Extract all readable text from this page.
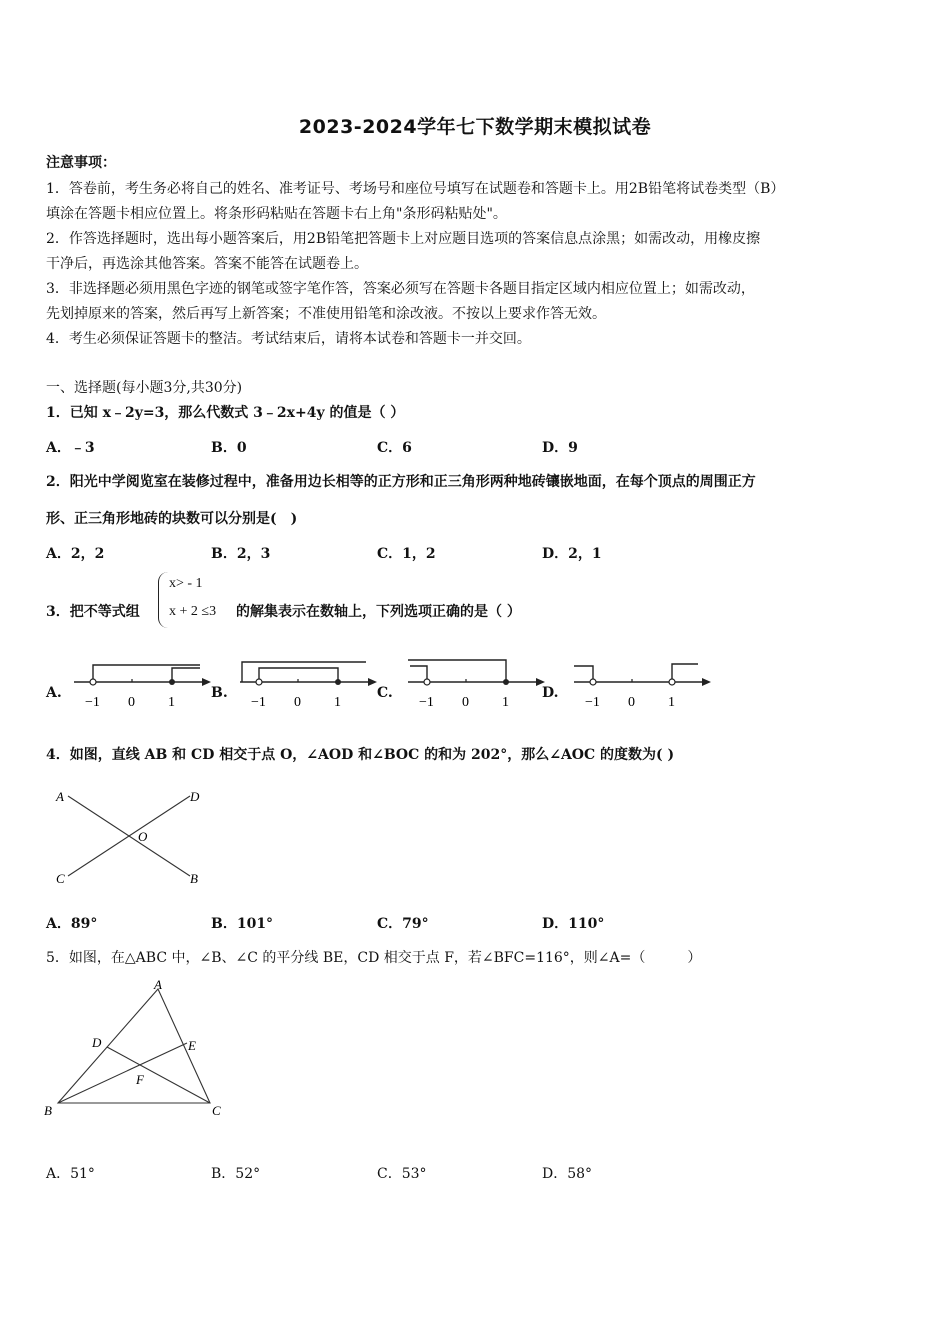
2023-2024学年七下数学期末模拟试卷
注意事项：
1．答卷前，考生务必将自己的姓名、准考证号、考场号和座位号填写在试题卷和答题卡上。用2B铅笔将试卷类型（B）
填涂在答题卡相应位置上。将条形码粘贴在答题卡右上角"条形码粘贴处"。
2．作答选择题时，选出每小题答案后，用2B铅笔把答题卡上对应题目选项的答案信息点涂黑；如需改动，用橡皮擦
干净后，再选涂其他答案。答案不能答在试题卷上。
3．非选择题必须用黑色字迹的钢笔或签字笔作答，答案必须写在答题卡各题目指定区域内相应位置上；如需改动，
先划掉原来的答案，然后再写上新答案；不准使用铅笔和涂改液。不按以上要求作答无效。
4．考生必须保证答题卡的整洁。考试结束后，请将本试卷和答题卡一并交回。
一、选择题(每小题3分,共30分)
1．已知 x﹣2y=3，那么代数式 3﹣2x+4y 的值是（ ）
A．﹣3	B．0	C．6	D．9
2．阳光中学阅览室在装修过程中，准备用边长相等的正方形和正三角形两种地砖镶嵌地面，在每个顶点的周围正方
形、正三角形地砖的块数可以分别是(　)
A．2，2	B．2，3	C．1，2	D．2，1
3．把不等式组
x> - 1
x + 2 ≤3 的解集表示在数轴上，下列选项正确的是（ ）
A.	B.	C.	D.
−1 0 1	−1 0 1	−1 0 1	−1 0 1
4．如图，直线 AB 和 CD 相交于点 O，∠AOD 和∠BOC 的和为 202°，那么∠AOC 的度数为( )
A	D
O
C	B
A．89°	B．101°	C．79°	D．110°
5．如图，在△ABC 中，∠B、∠C 的平分线 BE，CD 相交于点 F，若∠BFC=116°，则∠A=（　　　）
A
D	E
F
B	C
A．51°	B．52°	C．53°	D．58°
